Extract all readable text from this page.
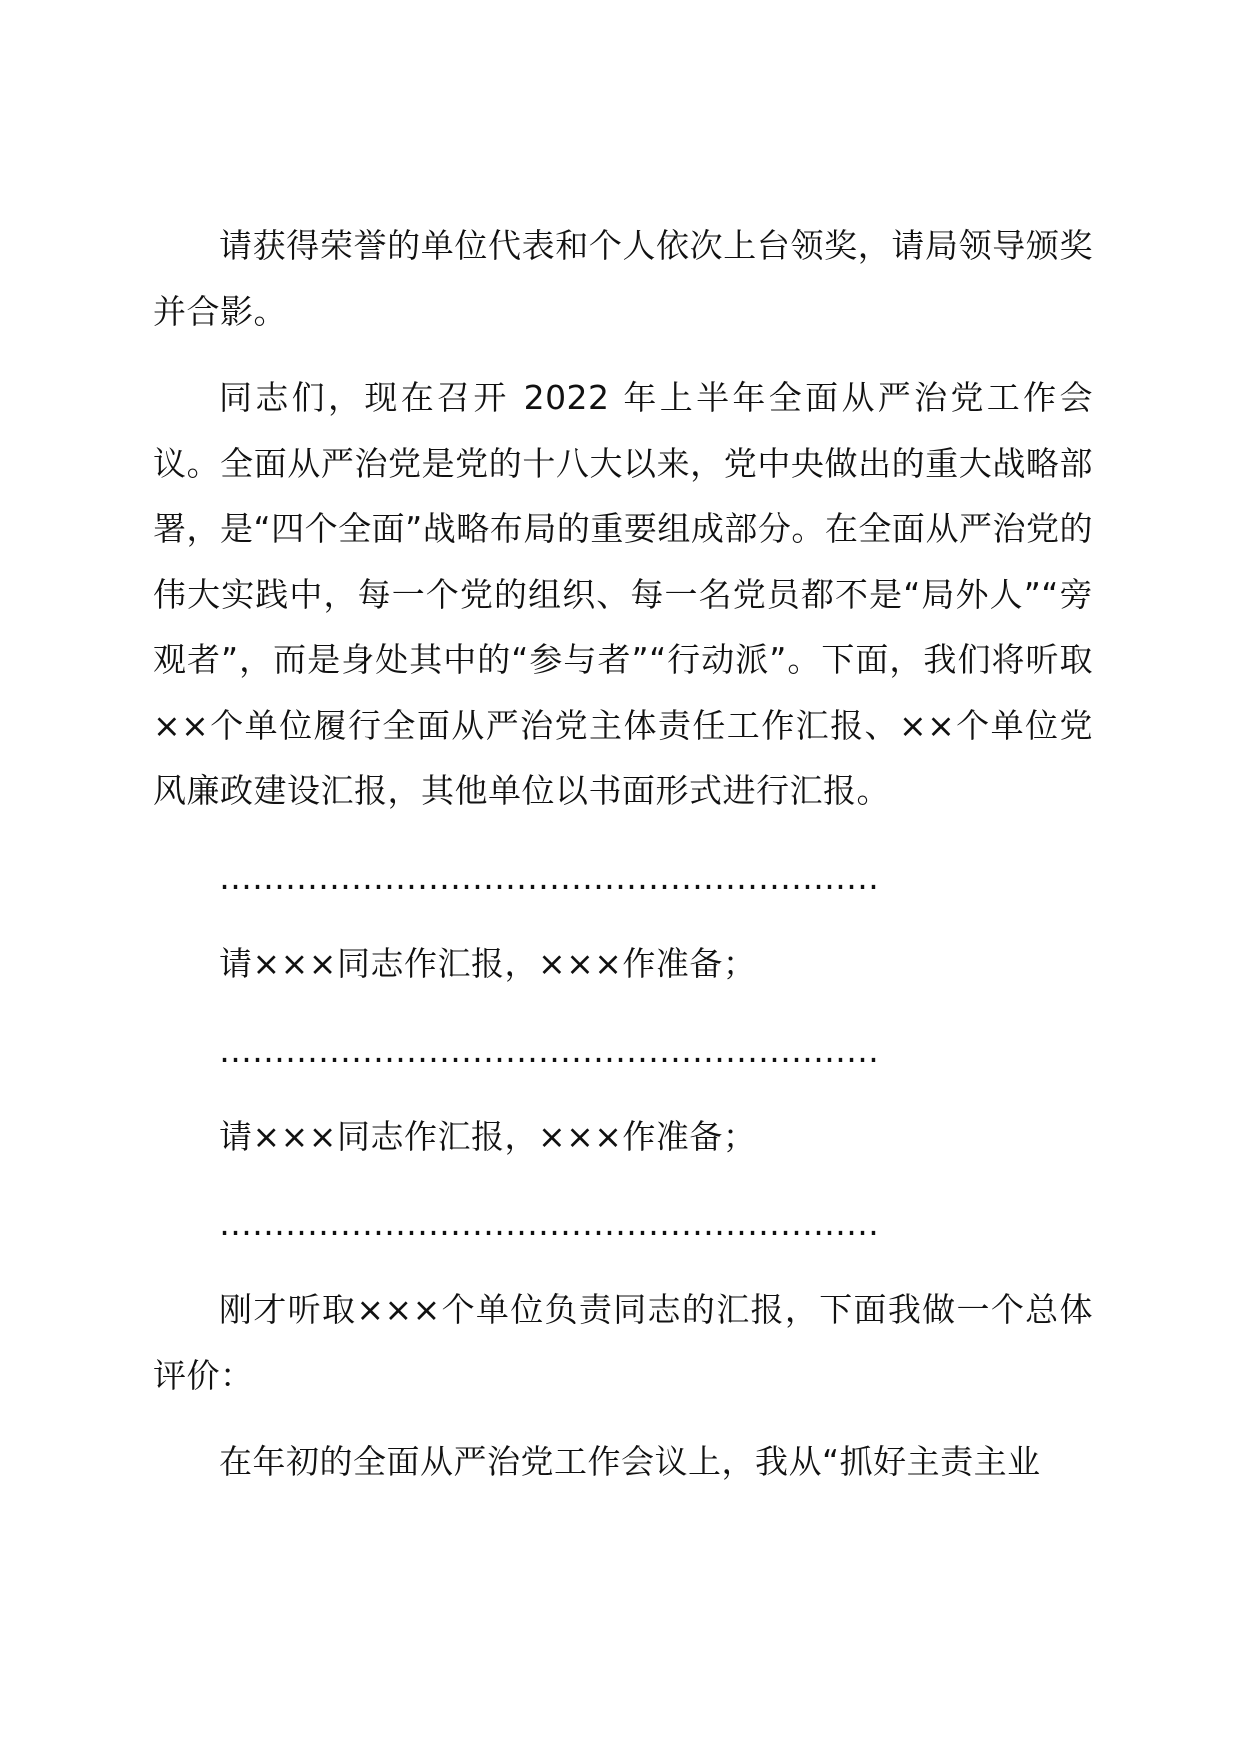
请获得荣誉的单位代表和个人依次上台领奖，请局领导颁奖并合影。

同志们，现在召开 2022 年上半年全面从严治党工作会议。全面从严治党是党的十八大以来，党中央做出的重大战略部署，是“四个全面”战略布局的重要组成部分。在全面从严治党的伟大实践中，每一个党的组织、每一名党员都不是“局外人”“旁观者”，而是身处其中的“参与者”“行动派”。下面，我们将听取××个单位履行全面从严治党主体责任工作汇报、××个单位党风廉政建设汇报，其他单位以书面形式进行汇报。

……………………………………………………

请×××同志作汇报，×××作准备；

……………………………………………………

请×××同志作汇报，×××作准备；

……………………………………………………

刚才听取×××个单位负责同志的汇报，下面我做一个总体评价：

在年初的全面从严治党工作会议上，我从“抓好主责主业
